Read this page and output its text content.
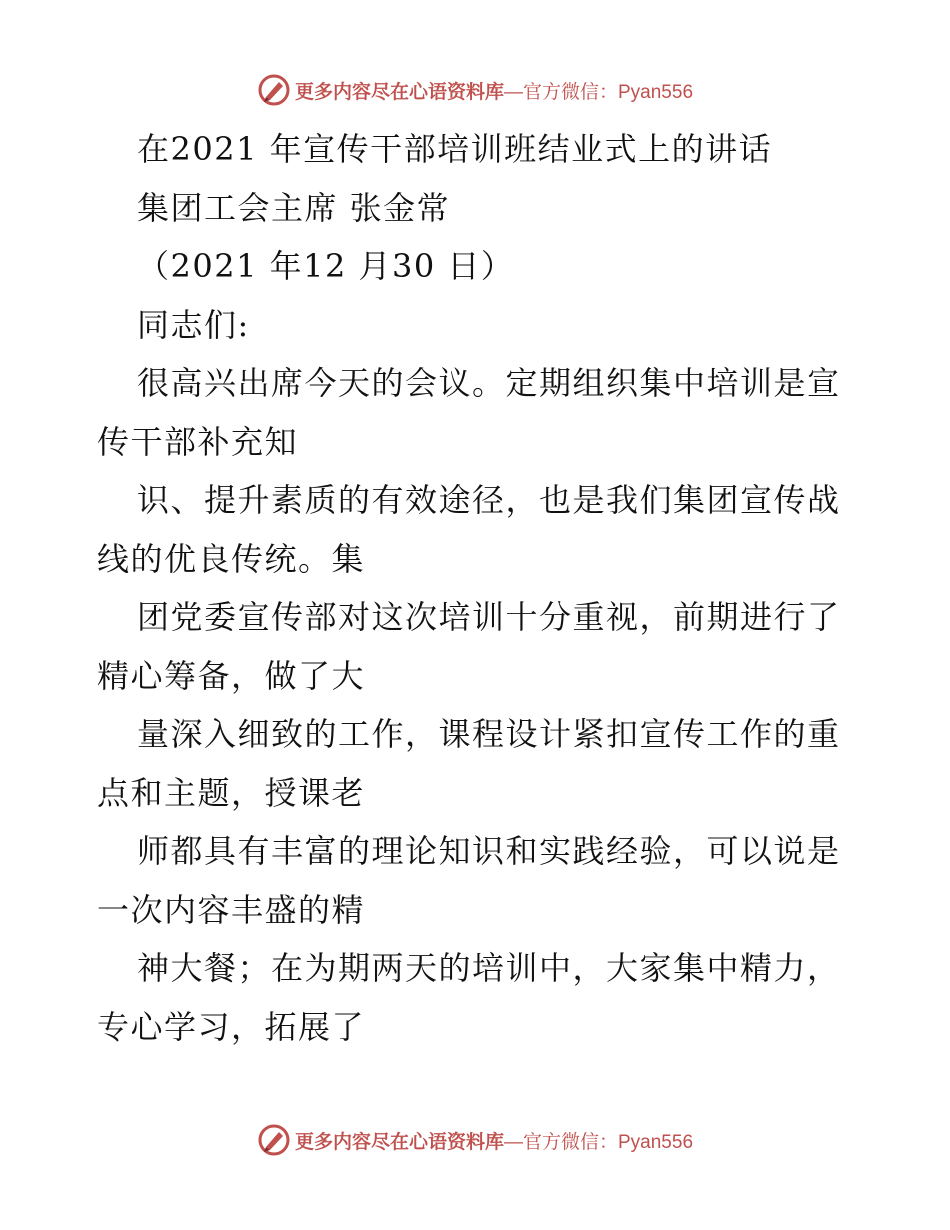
更多内容尽在心语资料库 —官方微信：Pyan556
在2021 年宣传干部培训班结业式上的讲话
集团工会主席 张金常
（2021 年12 月30 日）
同志们:
很高兴出席今天的会议。定期组织集中培训是宣
传干部补充知
识、提升素质的有效途径，也是我们集团宣传战
线的优良传统。集
团党委宣传部对这次培训十分重视，前期进行了
精心筹备，做了大
量深入细致的工作，课程设计紧扣宣传工作的重
点和主题，授课老
师都具有丰富的理论知识和实践经验，可以说是
一次内容丰盛的精
神大餐；在为期两天的培训中，大家集中精力，
专心学习，拓展了
更多内容尽在心语资料库 —官方微信：Pyan556
